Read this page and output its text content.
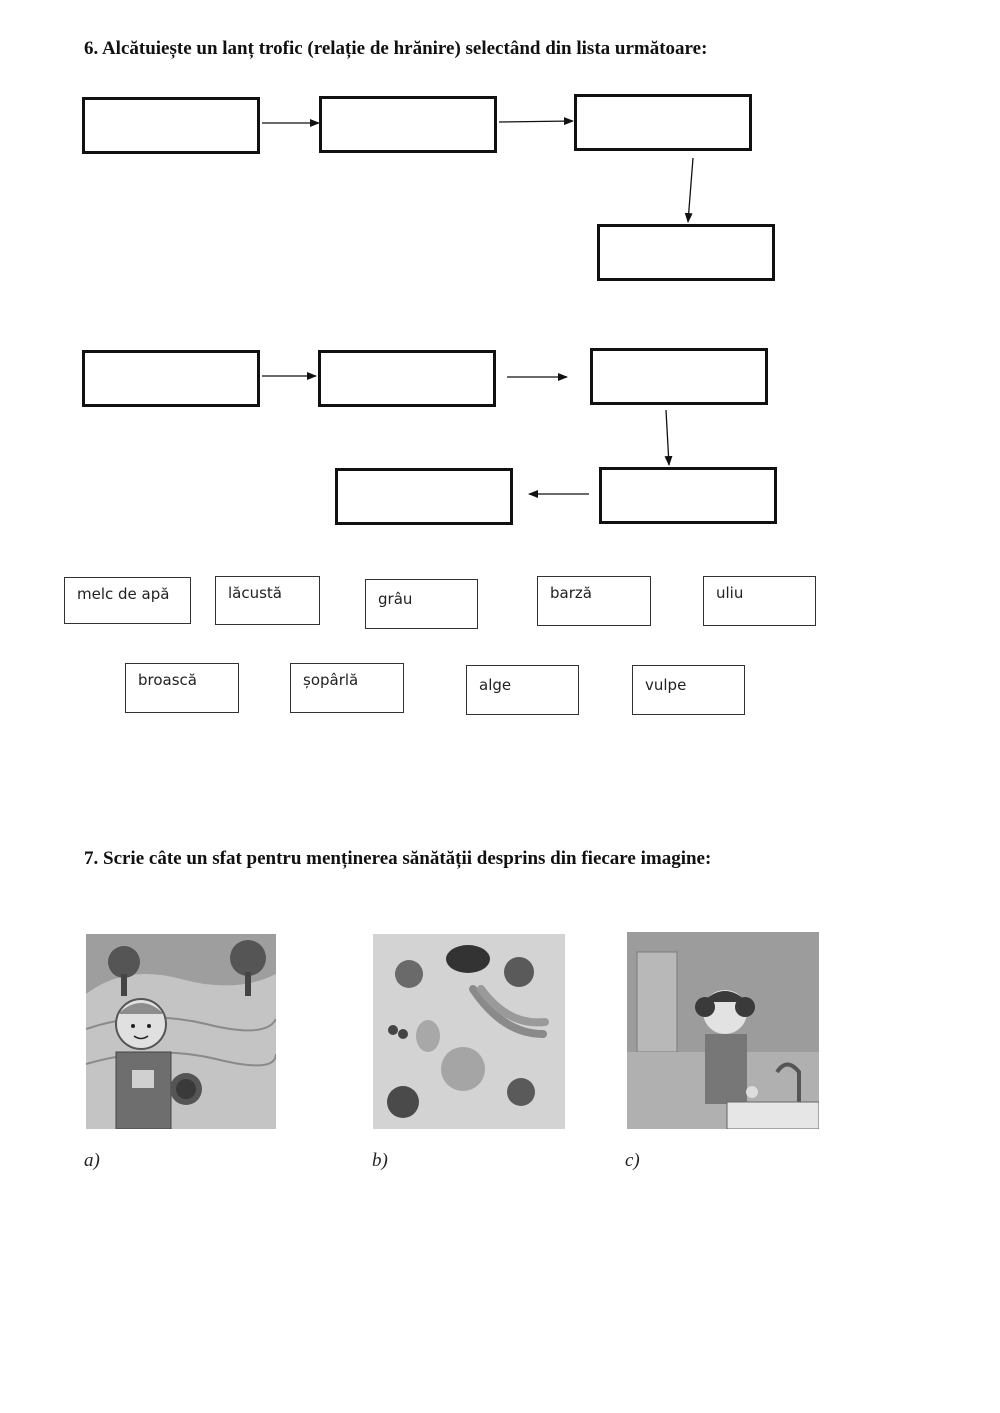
6. Alcătuiește un lanț trofic (relație de hrănire) selectând din lista următoare:
melc de apă	lăcustă	grâu	barză	uliu
broască	șopârlă	alge	vulpe
7. Scrie câte un sfat pentru menținerea sănătății desprins din fiecare imagine:
a)	b)	c)
